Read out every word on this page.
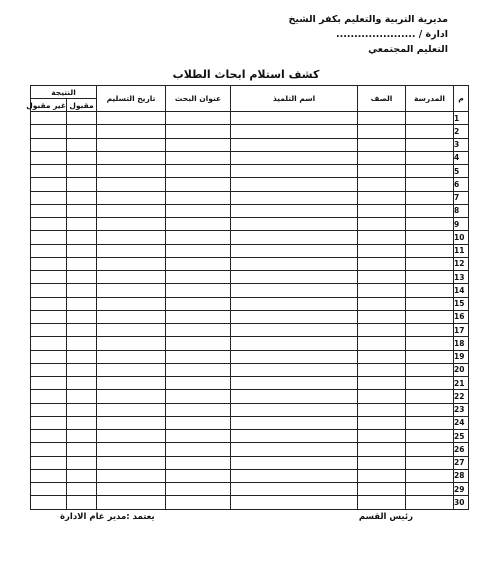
مديرية التربية والتعليم بكفر الشيخ
ادارة / ......................
التعليم المجتمعي
كشف استلام ابحاث الطلاب
م	المدرسة	الصف	اسم التلميذ	عنوان البحث	تاريخ التسليم	النتيجة	
						مقبول	غير مقبول
1							
2							
3							
4							
5							
6							
7							
8							
9							
10							
11							
12							
13							
14							
15							
16							
17							
18							
19							
20							
21							
22							
23							
24							
25							
26							
27							
28							
29							
30							
رئيس القسم
يعتمد :مدير عام الادارة
